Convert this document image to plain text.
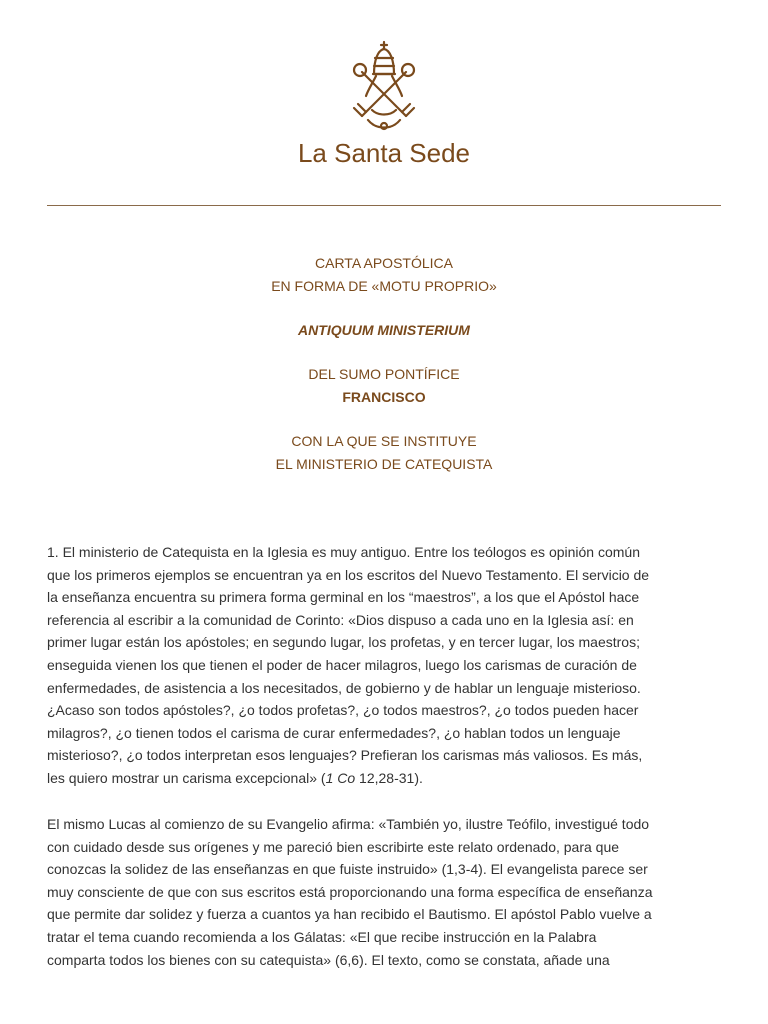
La Santa Sede
CARTA APOSTÓLICA
EN FORMA DE «MOTU PROPRIO»
ANTIQUUM MINISTERIUM
DEL SUMO PONTÍFICE
FRANCISCO
CON LA QUE SE INSTITUYE
EL MINISTERIO DE CATEQUISTA
1. El ministerio de Catequista en la Iglesia es muy antiguo. Entre los teólogos es opinión común
que los primeros ejemplos se encuentran ya en los escritos del Nuevo Testamento. El servicio de
la enseñanza encuentra su primera forma germinal en los “maestros”, a los que el Apóstol hace
referencia al escribir a la comunidad de Corinto: «Dios dispuso a cada uno en la Iglesia así: en
primer lugar están los apóstoles; en segundo lugar, los profetas, y en tercer lugar, los maestros;
enseguida vienen los que tienen el poder de hacer milagros, luego los carismas de curación de
enfermedades, de asistencia a los necesitados, de gobierno y de hablar un lenguaje misterioso.
¿Acaso son todos apóstoles?, ¿o todos profetas?, ¿o todos maestros?, ¿o todos pueden hacer
milagros?, ¿o tienen todos el carisma de curar enfermedades?, ¿o hablan todos un lenguaje
misterioso?, ¿o todos interpretan esos lenguajes? Prefieran los carismas más valiosos. Es más,
les quiero mostrar un carisma excepcional» (1 Co 12,28-31).
El mismo Lucas al comienzo de su Evangelio afirma: «También yo, ilustre Teófilo, investigué todo
con cuidado desde sus orígenes y me pareció bien escribirte este relato ordenado, para que
conozcas la solidez de las enseñanzas en que fuiste instruido» (1,3-4). El evangelista parece ser
muy consciente de que con sus escritos está proporcionando una forma específica de enseñanza
que permite dar solidez y fuerza a cuantos ya han recibido el Bautismo. El apóstol Pablo vuelve a
tratar el tema cuando recomienda a los Gálatas: «El que recibe instrucción en la Palabra
comparta todos los bienes con su catequista» (6,6). El texto, como se constata, añade una
